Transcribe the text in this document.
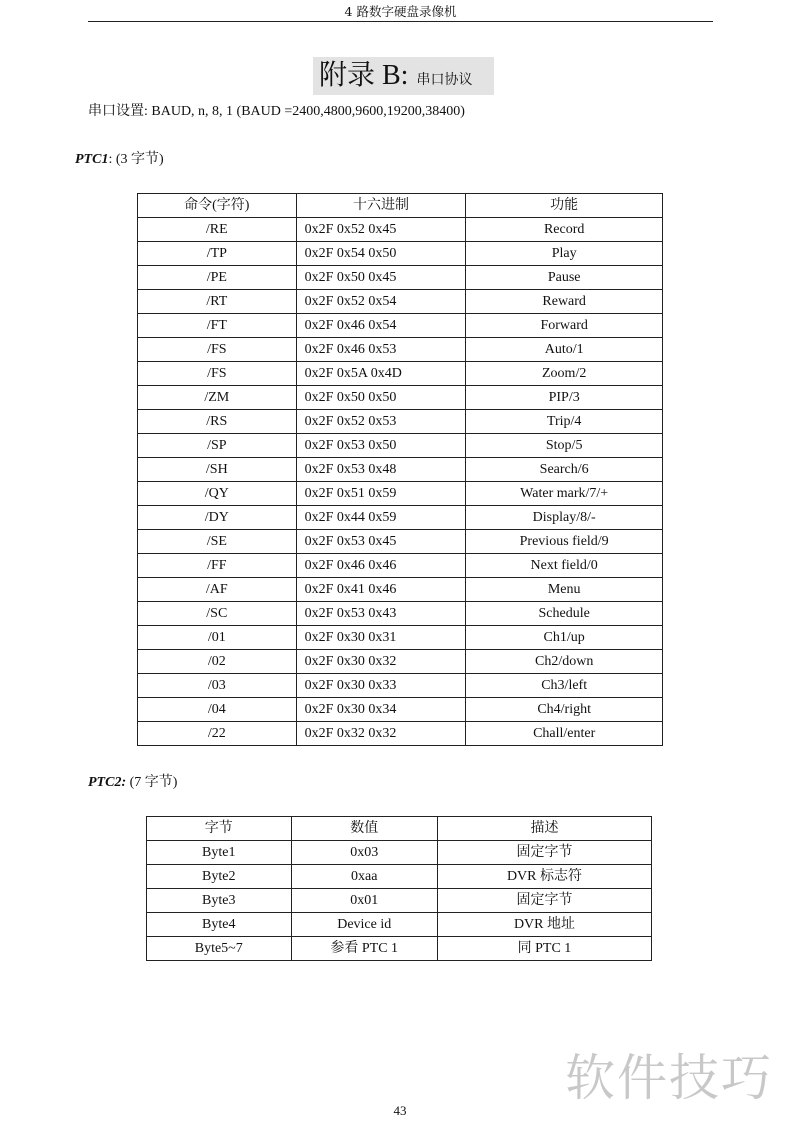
4 路数字硬盘录像机
附录 B: 串口协议
串口设置: BAUD, n, 8, 1 (BAUD =2400,4800,9600,19200,38400)
PTC1: (3 字节)
命令(字符)	十六进制	功能
/RE	0x2F 0x52 0x45	Record
/TP	0x2F 0x54 0x50	Play
/PE	0x2F 0x50 0x45	Pause
/RT	0x2F 0x52 0x54	Reward
/FT	0x2F 0x46 0x54	Forward
/FS	0x2F 0x46 0x53	Auto/1
/FS	0x2F 0x5A 0x4D	Zoom/2
/ZM	0x2F 0x50 0x50	PIP/3
/RS	0x2F 0x52 0x53	Trip/4
/SP	0x2F 0x53 0x50	Stop/5
/SH	0x2F 0x53 0x48	Search/6
/QY	0x2F 0x51 0x59	Water mark/7/+
/DY	0x2F 0x44 0x59	Display/8/-
/SE	0x2F 0x53 0x45	Previous field/9
/FF	0x2F 0x46 0x46	Next field/0
/AF	0x2F 0x41 0x46	Menu
/SC	0x2F 0x53 0x43	Schedule
/01	0x2F 0x30 0x31	Ch1/up
/02	0x2F 0x30 0x32	Ch2/down
/03	0x2F 0x30 0x33	Ch3/left
/04	0x2F 0x30 0x34	Ch4/right
/22	0x2F 0x32 0x32	Chall/enter
PTC2: (7 字节)
字节	数值	描述
Byte1	0x03	固定字节
Byte2	0xaa	DVR 标志符
Byte3	0x01	固定字节
Byte4	Device id	DVR 地址
Byte5~7	参看 PTC 1	同 PTC 1
软件技巧
43
